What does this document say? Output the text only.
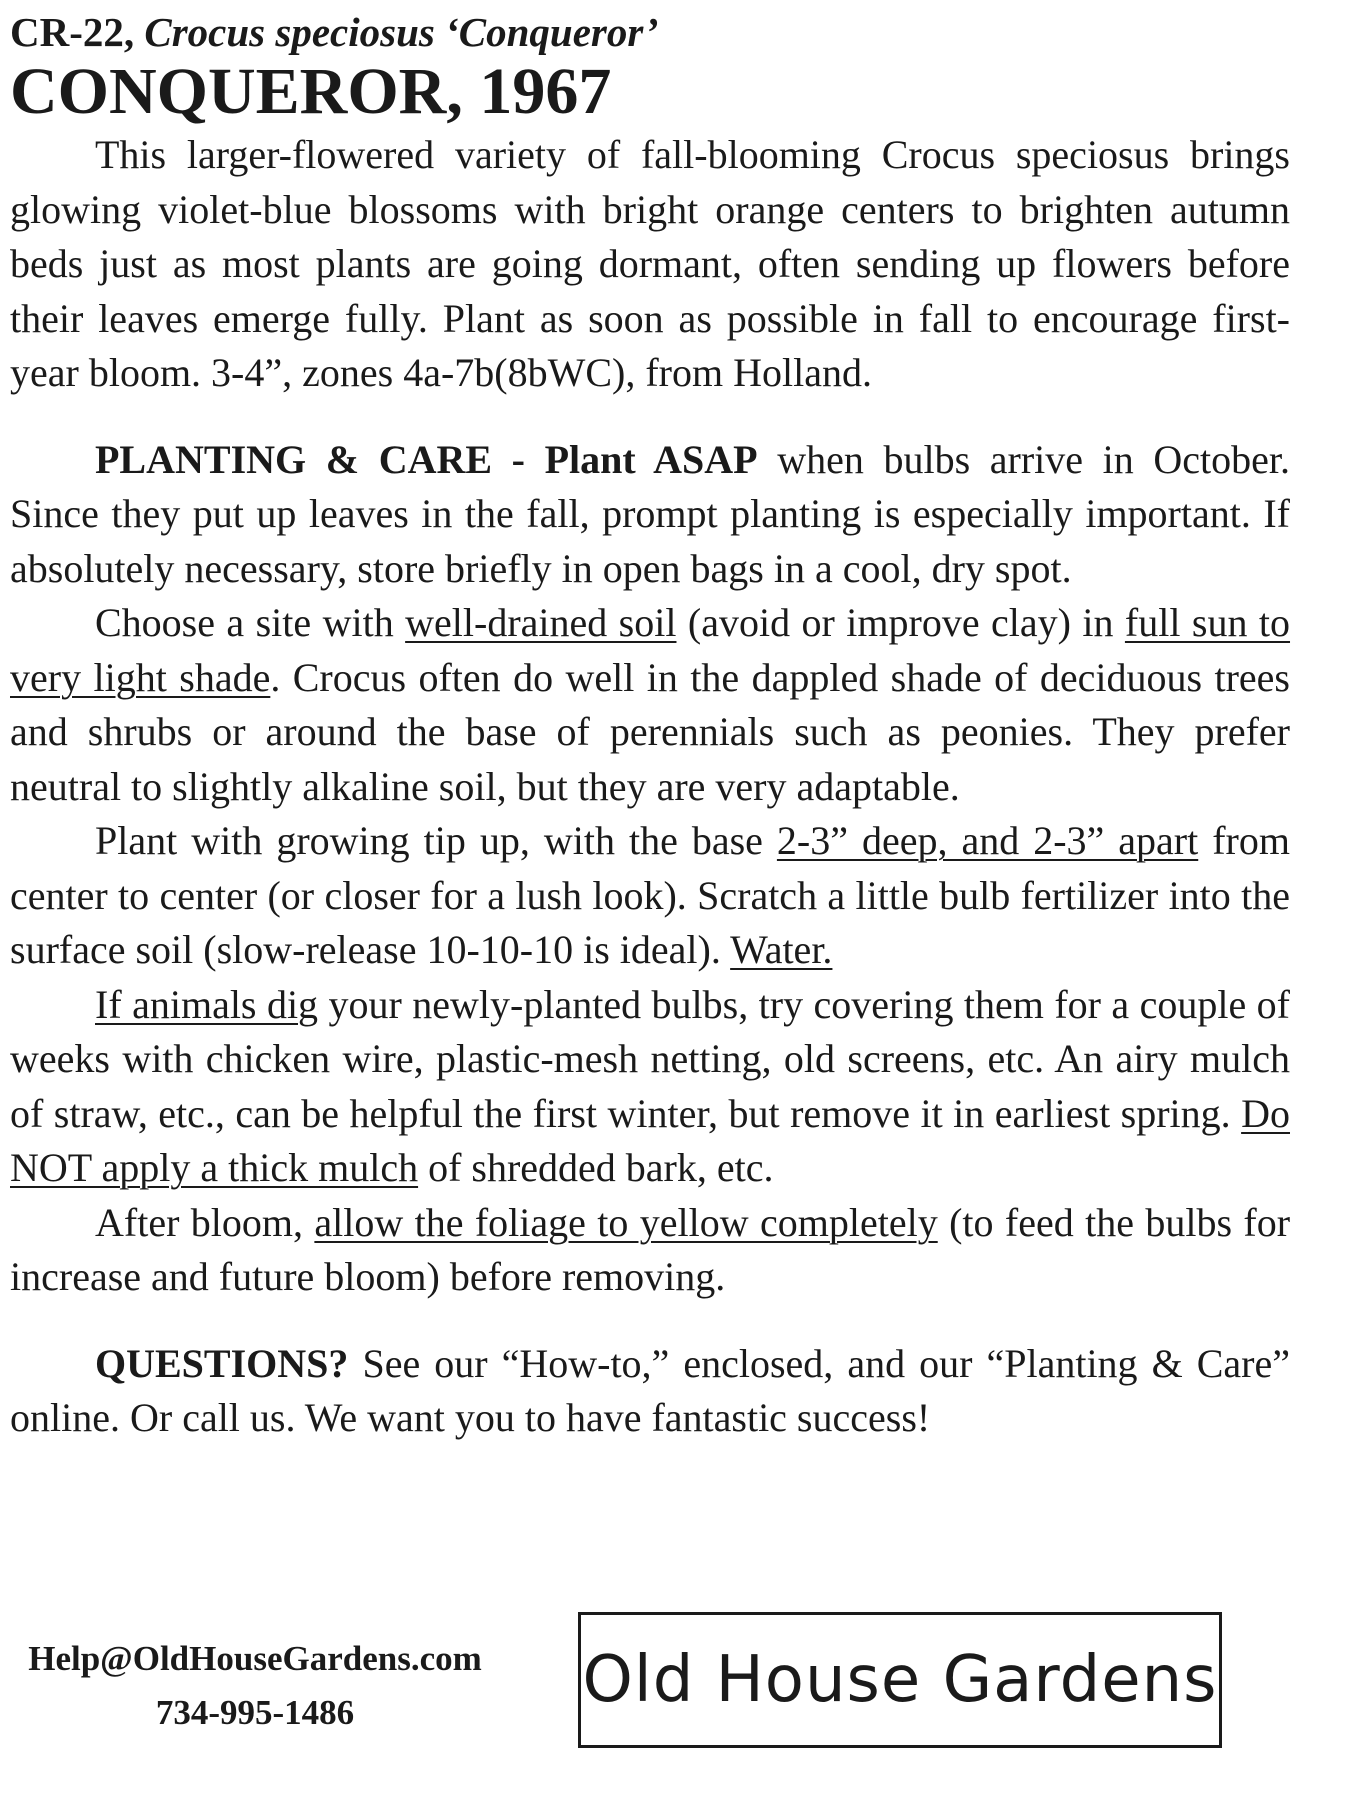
CR-22, Crocus speciosus ‘Conqueror’

CONQUEROR, 1967

This larger-flowered variety of fall-blooming Crocus speciosus brings glowing violet-blue blossoms with bright orange centers to brighten autumn beds just as most plants are going dormant, often sending up flowers before their leaves emerge fully. Plant as soon as possible in fall to encourage first-year bloom. 3-4”, zones 4a-7b(8bWC), from Holland.

PLANTING & CARE - Plant ASAP when bulbs arrive in October. Since they put up leaves in the fall, prompt planting is especially important. If absolutely necessary, store briefly in open bags in a cool, dry spot.

Choose a site with well-drained soil (avoid or improve clay) in full sun to very light shade. Crocus often do well in the dappled shade of deciduous trees and shrubs or around the base of perennials such as peonies. They prefer neutral to slightly alkaline soil, but they are very adaptable.

Plant with growing tip up, with the base 2-3” deep, and 2-3” apart from center to center (or closer for a lush look). Scratch a little bulb fertilizer into the surface soil (slow-release 10-10-10 is ideal). Water.

If animals dig your newly-planted bulbs, try covering them for a couple of weeks with chicken wire, plastic-mesh netting, old screens, etc. An airy mulch of straw, etc., can be helpful the first winter, but remove it in earliest spring. Do NOT apply a thick mulch of shredded bark, etc.

After bloom, allow the foliage to yellow completely (to feed the bulbs for increase and future bloom) before removing.

QUESTIONS? See our “How-to,” enclosed, and our “Planting & Care” online. Or call us. We want you to have fantastic success!

Help@OldHouseGardens.com
734-995-1486	Old House Gardens
